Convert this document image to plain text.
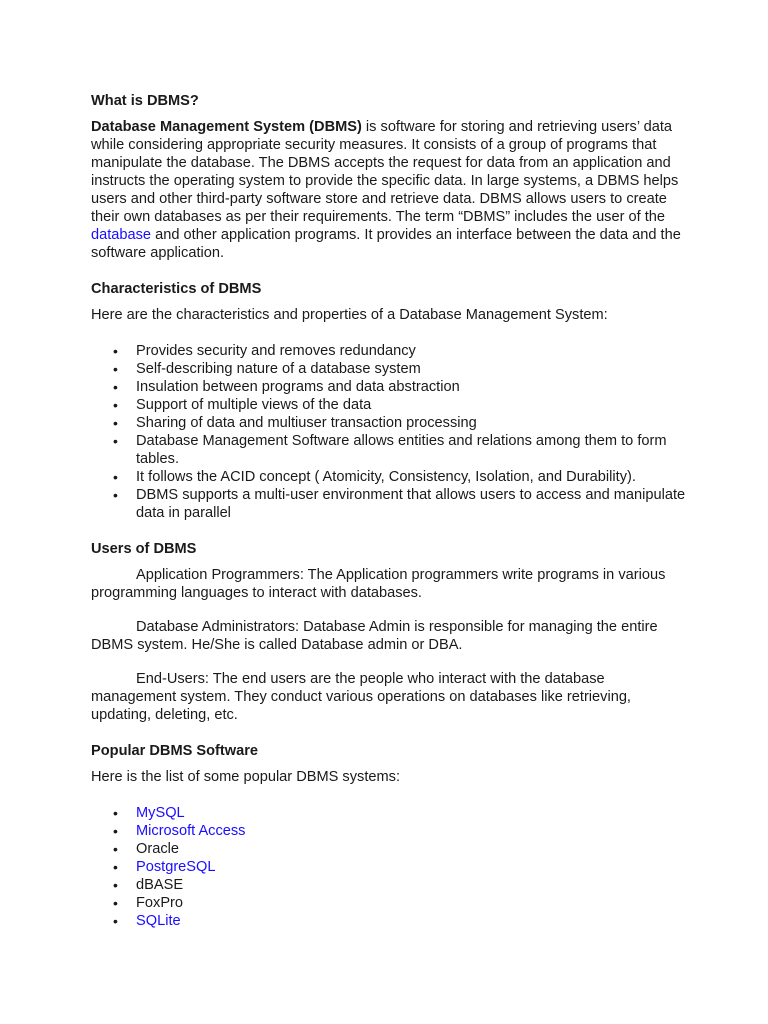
What is DBMS?

Database Management System (DBMS) is software for storing and retrieving users’ data while considering appropriate security measures. It consists of a group of programs that manipulate the database. The DBMS accepts the request for data from an application and instructs the operating system to provide the specific data. In large systems, a DBMS helps users and other third-party software store and retrieve data. DBMS allows users to create their own databases as per their requirements. The term “DBMS” includes the user of the database and other application programs. It provides an interface between the data and the software application.

Characteristics of DBMS

Here are the characteristics and properties of a Database Management System:

• Provides security and removes redundancy
• Self-describing nature of a database system
• Insulation between programs and data abstraction
• Support of multiple views of the data
• Sharing of data and multiuser transaction processing
• Database Management Software allows entities and relations among them to form tables.
• It follows the ACID concept ( Atomicity, Consistency, Isolation, and Durability).
• DBMS supports a multi-user environment that allows users to access and manipulate data in parallel
Users of DBMS

Application Programmers: The Application programmers write programs in various programming languages to interact with databases.

Database Administrators: Database Admin is responsible for managing the entire DBMS system. He/She is called Database admin or DBA.

End-Users: The end users are the people who interact with the database management system. They conduct various operations on databases like retrieving, updating, deleting, etc.

Popular DBMS Software

Here is the list of some popular DBMS systems:

• MySQL
• Microsoft Access
• Oracle
• PostgreSQL
• dBASE
• FoxPro
• SQLite
